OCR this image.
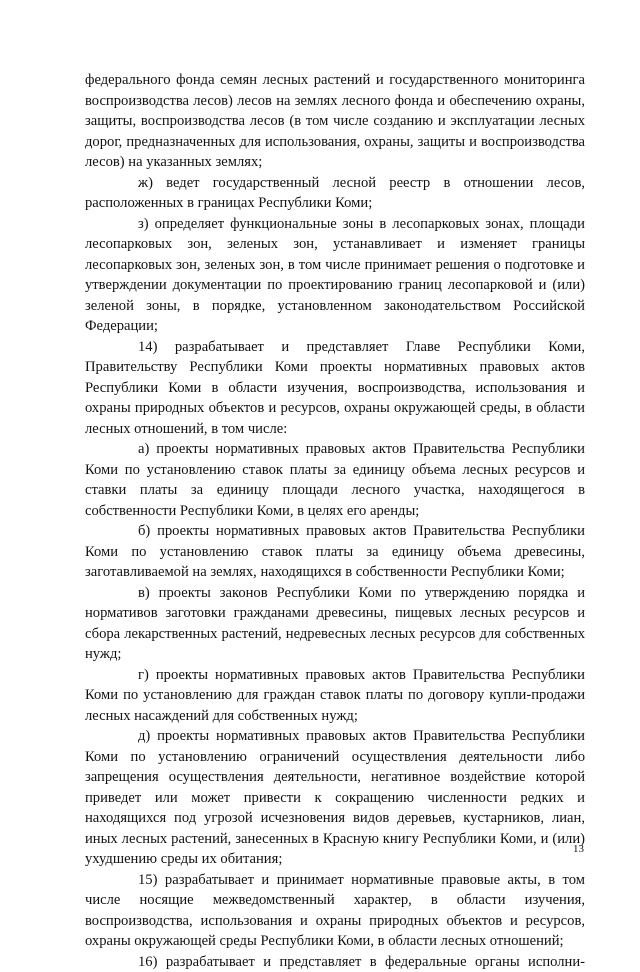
федерального фонда семян лесных растений и государственного мониторинга воспроизводства лесов) лесов на землях лесного фонда и обеспечению охраны, защиты, воспроизводства лесов (в том числе созданию и эксплуатации лесных дорог, предназначенных для использования, охраны, защиты и воспроизводства лесов) на указанных землях;

ж) ведет государственный лесной реестр в отношении лесов, расположенных в границах Республики Коми;

з) определяет функциональные зоны в лесопарковых зонах, площади лесопарковых зон, зеленых зон, устанавливает и изменяет границы лесопарковых зон, зеленых зон, в том числе принимает решения о подготовке и утверждении документации по проектированию границ лесопарковой и (или) зеленой зоны, в порядке, установленном законодательством Российской Федерации;

14) разрабатывает и представляет Главе Республики Коми, Правительству Республики Коми проекты нормативных правовых актов Республики Коми в области изучения, воспроизводства, использования и охраны природных объектов и ресурсов, охраны окружающей среды, в области лесных отношений, в том числе:

а) проекты нормативных правовых актов Правительства Республики Коми по установлению ставок платы за единицу объема лесных ресурсов и ставки платы за единицу площади лесного участка, находящегося в собственности Республики Коми, в целях его аренды;

б) проекты нормативных правовых актов Правительства Республики Коми по установлению ставок платы за единицу объема древесины, заготавливаемой на землях, находящихся в собственности Республики Коми;

в) проекты законов Республики Коми по утверждению порядка и нормативов заготовки гражданами древесины, пищевых лесных ресурсов и сбора лекарственных растений, недревесных лесных ресурсов для собственных нужд;

г) проекты нормативных правовых актов Правительства Республики Коми по установлению для граждан ставок платы по договору купли-продажи лесных насаждений для собственных нужд;

д) проекты нормативных правовых актов Правительства Республики Коми по установлению ограничений осуществления деятельности либо запрещения осуществления деятельности, негативное воздействие которой приведет или может привести к сокращению численности редких и находящихся под угрозой исчезновения видов деревьев, кустарников, лиан, иных лесных растений, занесенных в Красную книгу Республики Коми, и (или) ухудшению среды их обитания;

15) разрабатывает и принимает нормативные правовые акты, в том числе носящие межведомственный характер, в области изучения, воспроизводства, использования и охраны природных объектов и ресурсов, охраны окружающей среды Республики Коми, в области лесных отношений;

16) разрабатывает и представляет в федеральные органы исполни-

13
